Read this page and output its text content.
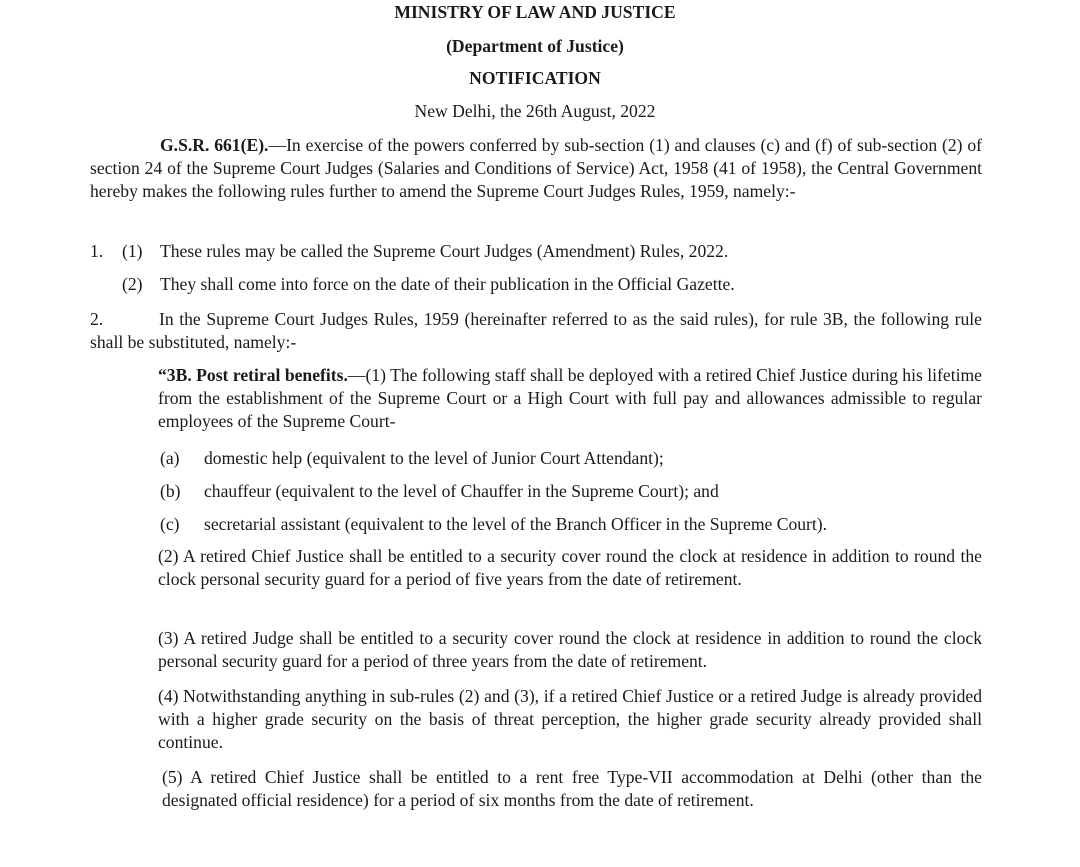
MINISTRY OF LAW AND JUSTICE
(Department of Justice)
NOTIFICATION
New Delhi, the 26th August, 2022
G.S.R. 661(E).—In exercise of the powers conferred by sub-section (1) and clauses (c) and (f) of sub-section (2) of section 24 of the Supreme Court Judges (Salaries and Conditions of Service) Act, 1958 (41 of 1958), the Central Government hereby makes the following rules further to amend the Supreme Court Judges Rules, 1959, namely:-
1. (1) These rules may be called the Supreme Court Judges (Amendment) Rules, 2022.
(2) They shall come into force on the date of their publication in the Official Gazette.
2.	In the Supreme Court Judges Rules, 1959 (hereinafter referred to as the said rules), for rule 3B, the following rule shall be substituted, namely:-
“3B. Post retiral benefits.—(1) The following staff shall be deployed with a retired Chief Justice during his lifetime from the establishment of the Supreme Court or a High Court with full pay and allowances admissible to regular employees of the Supreme Court-
(a) domestic help (equivalent to the level of Junior Court Attendant);
(b) chauffeur (equivalent to the level of Chauffer in the Supreme Court); and
(c) secretarial assistant (equivalent to the level of the Branch Officer in the Supreme Court).
(2) A retired Chief Justice shall be entitled to a security cover round the clock at residence in addition to round the clock personal security guard for a period of five years from the date of retirement.
(3) A retired Judge shall be entitled to a security cover round the clock at residence in addition to round the clock personal security guard for a period of three years from the date of retirement.
(4) Notwithstanding anything in sub-rules (2) and (3), if a retired Chief Justice or a retired Judge is already provided with a higher grade security on the basis of threat perception, the higher grade security already provided shall continue.
(5) A retired Chief Justice shall be entitled to a rent free Type-VII accommodation at Delhi (other than the designated official residence) for a period of six months from the date of retirement.
